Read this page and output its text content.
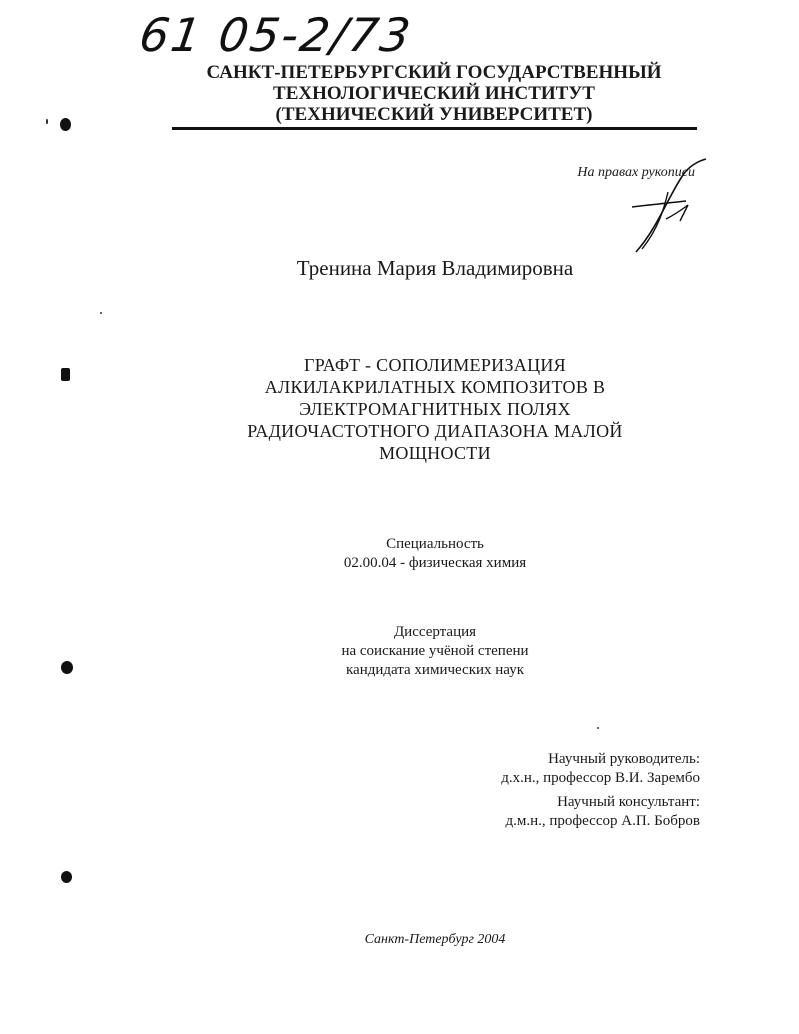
61 05-2/73
САНКТ-ПЕТЕРБУРГСКИЙ ГОСУДАРСТВЕННЫЙ
ТЕХНОЛОГИЧЕСКИЙ ИНСТИТУТ
(ТЕХНИЧЕСКИЙ УНИВЕРСИТЕТ)
На правах рукописи
Тренина Мария Владимировна
ГРАФТ - СОПОЛИМЕРИЗАЦИЯ
АЛКИЛАКРИЛАТНЫХ КОМПОЗИТОВ В
ЭЛЕКТРОМАГНИТНЫХ ПОЛЯХ
РАДИОЧАСТОТНОГО ДИАПАЗОНА МАЛОЙ
МОЩНОСТИ
Специальность
02.00.04 - физическая химия
Диссертация
на соискание учёной степени
кандидата химических наук
Научный руководитель:
д.х.н., профессор В.И. Зарембо
Научный консультант:
д.м.н., профессор А.П. Бобров
Санкт-Петербург 2004
